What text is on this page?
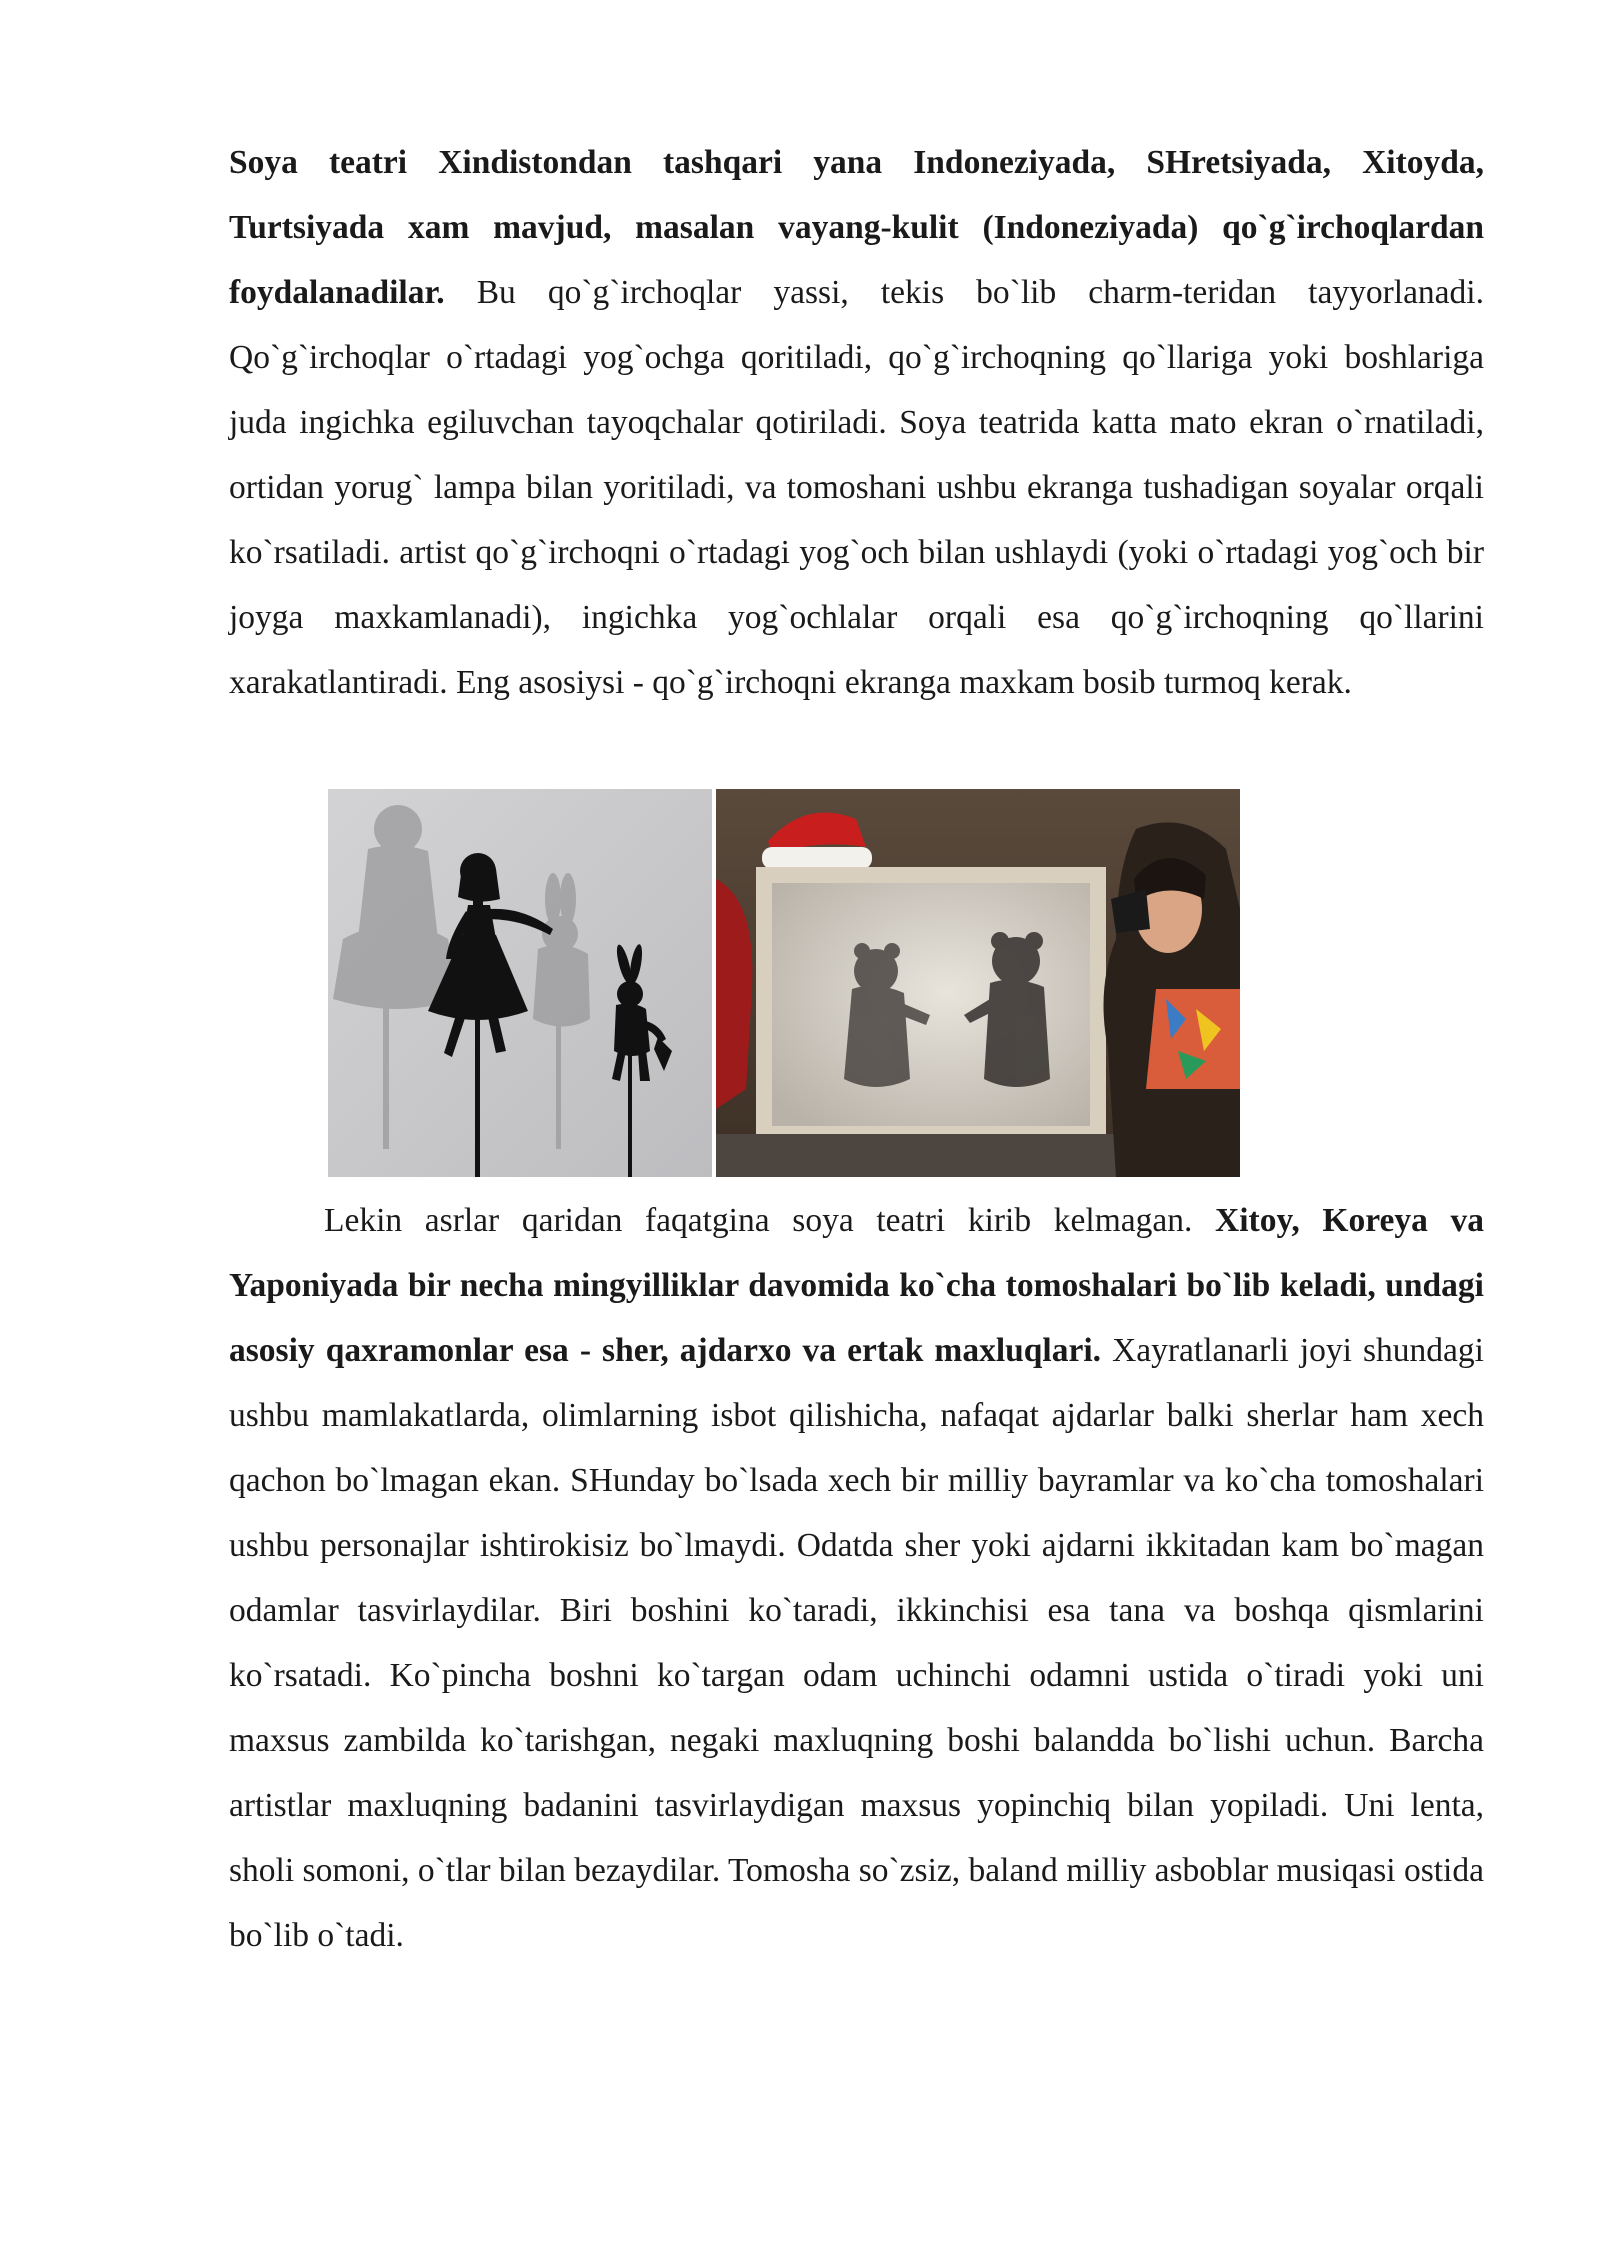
Soya teatri Xindistondan tashqari yana Indoneziyada, SHretsiyada, Xitoyda, Turtsiyada xam mavjud, masalan vayang-kulit (Indoneziyada) qo`g`irchoqlardan foydalanadilar. Bu qo`g`irchoqlar yassi, tekis bo`lib charm-teridan tayyorlanadi. Qo`g`irchoqlar o`rtadagi yog`ochga qoritiladi, qo`g`irchoqning qo`llariga yoki boshlariga juda ingichka egiluvchan tayoqchalar qotiriladi. Soya teatrida katta mato ekran o`rnatiladi, ortidan yorug` lampa bilan yoritiladi, va tomoshani ushbu ekranga tushadigan soyalar orqali ko`rsatiladi. artist qo`g`irchoqni o`rtadagi yog`och bilan ushlaydi (yoki o`rtadagi yog`och bir joyga maxkamlanadi), ingichka yog`ochlalar orqali esa qo`g`irchoqning qo`llarini xarakatlantiradi. Eng asosiysi - qo`g`irchoqni ekranga maxkam bosib turmoq kerak.

Lekin asrlar qaridan faqatgina soya teatri kirib kelmagan. Xitoy, Koreya va Yaponiyada bir necha mingyilliklar davomida ko`cha tomoshalari bo`lib keladi, undagi asosiy qaxramonlar esa - sher, ajdarxo va ertak maxluqlari. Xayratlanarli joyi shundagi ushbu mamlakatlarda, olimlarning isbot qilishicha, nafaqat ajdarlar balki sherlar ham xech qachon bo`lmagan ekan. SHunday bo`lsada xech bir milliy bayramlar va ko`cha tomoshalari ushbu personajlar ishtirokisiz bo`lmaydi. Odatda sher yoki ajdarni ikkitadan kam bo`magan odamlar tasvirlaydilar. Biri boshini ko`taradi, ikkinchisi esa tana va boshqa qismlarini ko`rsatadi. Ko`pincha boshni ko`targan odam uchinchi odamni ustida o`tiradi yoki uni maxsus zambilda ko`tarishgan, negaki maxluqning boshi balandda bo`lishi uchun. Barcha artistlar maxluqning badanini tasvirlaydigan maxsus yopinchiq bilan yopiladi. Uni lenta, sholi somoni, o`tlar bilan bezaydilar. Tomosha so`zsiz, baland milliy asboblar musiqasi ostida bo`lib o`tadi.
